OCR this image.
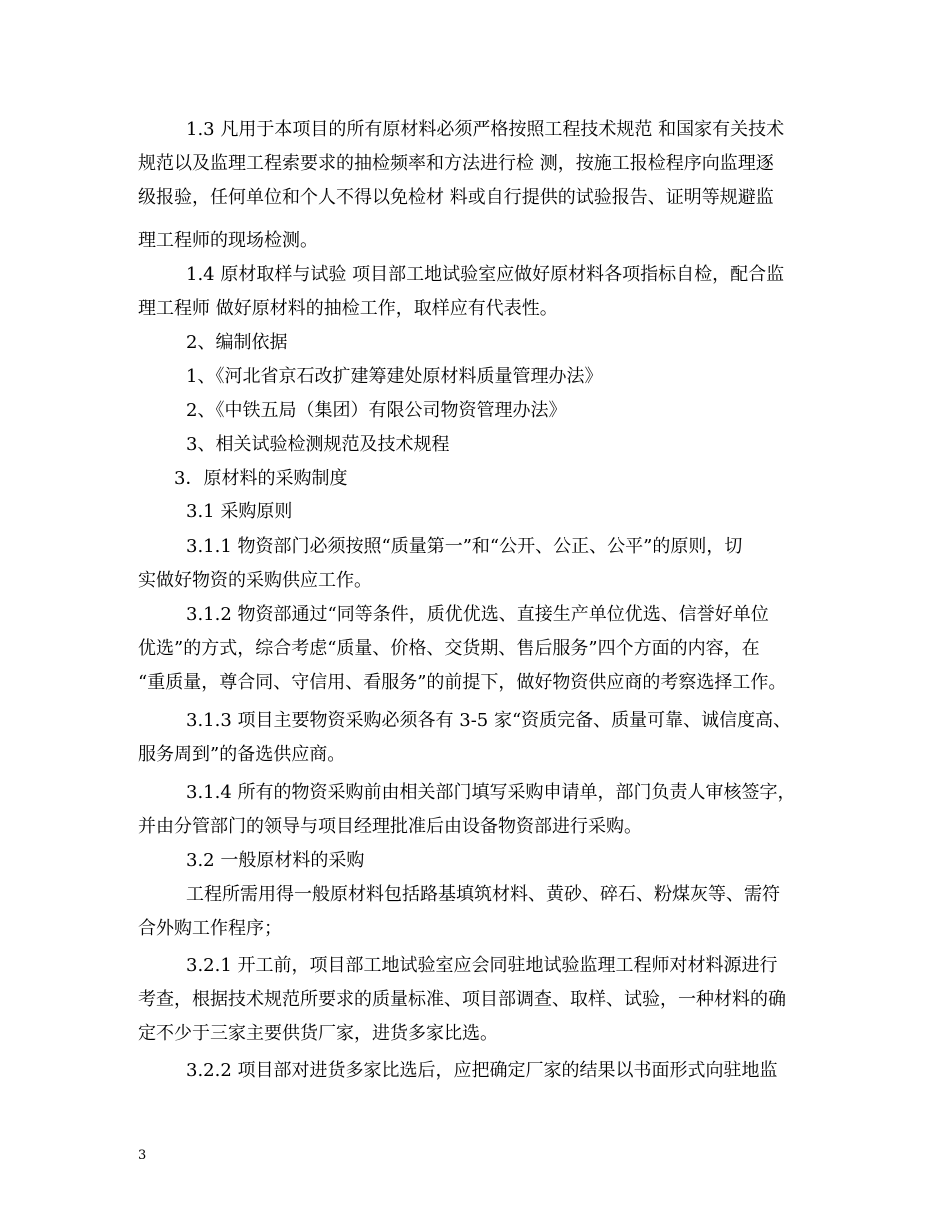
1.3 凡用于本项目的所有原材料必须严格按照工程技术规范 和国家有关技术
规范以及监理工程索要求的抽检频率和方法进行检 测，按施工报检程序向监理逐
级报验，任何单位和个人不得以免检材 料或自行提供的试验报告、证明等规避监
理工程师的现场检测。
1.4 原材取样与试验 项目部工地试验室应做好原材料各项指标自检，配合监
理工程师 做好原材料的抽检工作，取样应有代表性。
2、编制依据
1、《河北省京石改扩建筹建处原材料质量管理办法》
2、《中铁五局（集团）有限公司物资管理办法》
3、相关试验检测规范及技术规程
3．原材料的采购制度
3.1 采购原则
3.1.1 物资部门必须按照“质量第一”和“公开、公正、公平”的原则，切
实做好物资的采购供应工作。
3.1.2 物资部通过“同等条件，质优优选、直接生产单位优选、信誉好单位
优选”的方式，综合考虑“质量、价格、交货期、售后服务”四个方面的内容，在
“重质量，尊合同、守信用、看服务”的前提下，做好物资供应商的考察选择工作。
3.1.3 项目主要物资采购必须各有 3-5 家“资质完备、质量可靠、诚信度高、
服务周到”的备选供应商。
3.1.4 所有的物资采购前由相关部门填写采购申请单，部门负责人审核签字，
并由分管部门的领导与项目经理批准后由设备物资部进行采购。
3.2 一般原材料的采购
工程所需用得一般原材料包括路基填筑材料、黄砂、碎石、粉煤灰等、需符
合外购工作程序；
3.2.1 开工前，项目部工地试验室应会同驻地试验监理工程师对材料源进行
考查，根据技术规范所要求的质量标准、项目部调查、取样、试验，一种材料的确
定不少于三家主要供货厂家，进货多家比选。
3.2.2 项目部对进货多家比选后，应把确定厂家的结果以书面形式向驻地监
3
